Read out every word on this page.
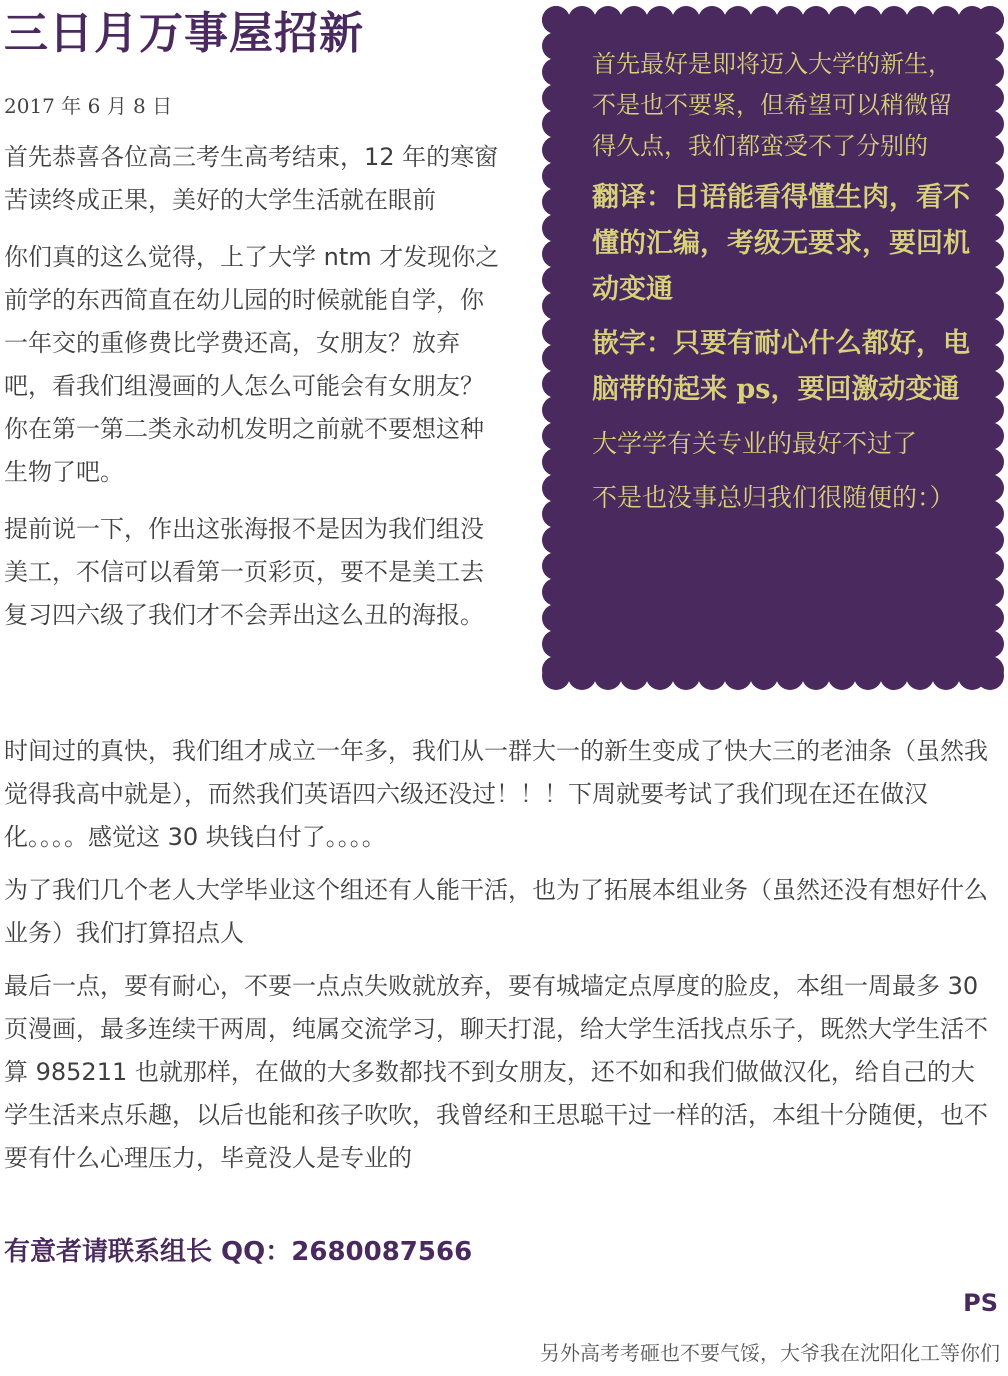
三日月万事屋招新
2017 年 6 月 8 日

首先恭喜各位高三考生高考结束，12 年的寒窗苦读终成正果，美好的大学生活就在眼前

你们真的这么觉得，上了大学 ntm 才发现你之前学的东西简直在幼儿园的时候就能自学，你一年交的重修费比学费还高，女朋友？放弃吧，看我们组漫画的人怎么可能会有女朋友？你在第一第二类永动机发明之前就不要想这种生物了吧。

提前说一下，作出这张海报不是因为我们组没美工，不信可以看第一页彩页，要不是美工去复习四六级了我们才不会弄出这么丑的海报。

首先最好是即将迈入大学的新生，不是也不要紧，但希望可以稍微留得久点，我们都蛮受不了分别的

翻译：日语能看得懂生肉，看不懂的汇编，考级无要求，要回机动变通

嵌字：只要有耐心什么都好，电脑带的起来 ps，要回激动变通

大学学有关专业的最好不过了

不是也没事总归我们很随便的：）

时间过的真快，我们组才成立一年多，我们从一群大一的新生变成了快大三的老油条（虽然我觉得我高中就是），而然我们英语四六级还没过！！！下周就要考试了我们现在还在做汉化。。。。感觉这 30 块钱白付了。。。。

为了我们几个老人大学毕业这个组还有人能干活，也为了拓展本组业务（虽然还没有想好什么业务）我们打算招点人

最后一点，要有耐心，不要一点点失败就放弃，要有城墙定点厚度的脸皮，本组一周最多 30 页漫画，最多连续干两周，纯属交流学习，聊天打混，给大学生活找点乐子，既然大学生活不算 985211 也就那样，在做的大多数都找不到女朋友，还不如和我们做做汉化，给自己的大学生活来点乐趣，以后也能和孩子吹吹，我曾经和王思聪干过一样的活，本组十分随便，也不要有什么心理压力，毕竟没人是专业的

有意者请联系组长 QQ：2680087566
PS
另外高考考砸也不要气馁，大爷我在沈阳化工等你们
